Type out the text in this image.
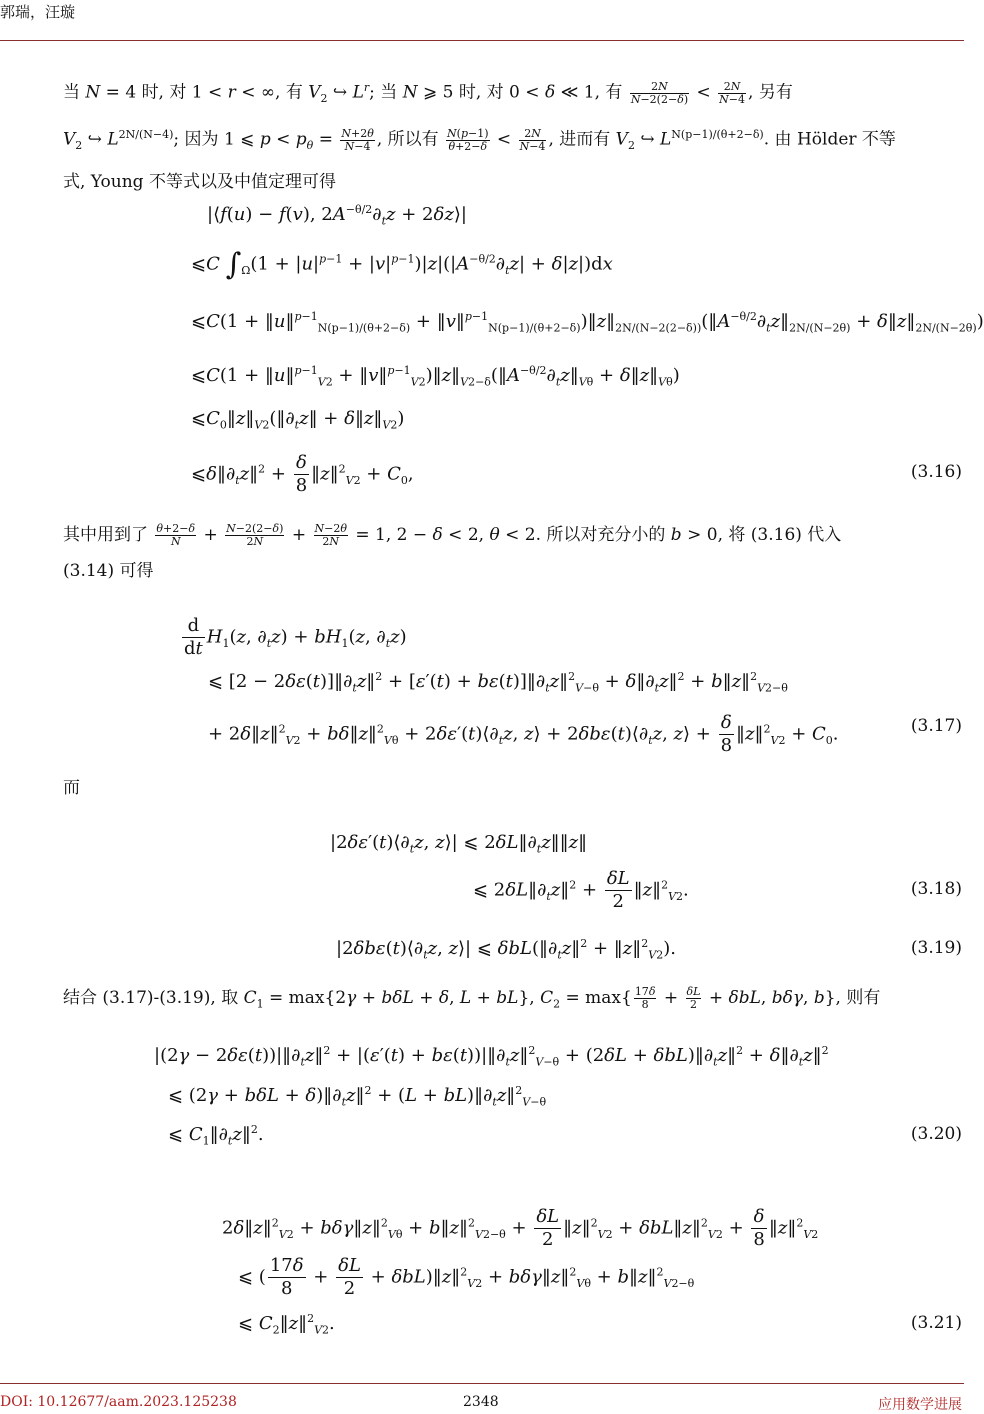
郭瑞，汪璇
当 N = 4 时, 对 1 < r < ∞, 有 $V_2$ ↪ $L^r$; 当 N ⩾ 5 时, 对 0 < δ ≪ 1, 有 $\frac{2N}{N-2(2-\delta)} < \frac{2N}{N-4}$ , 另有
$V_2$ ↪ $L^{2N/(N-4)}$; 因为 1 ⩽ $p < p_\theta = \frac{N+2\theta}{N-4}$ , 所以有 $\frac{N(p-1)}{\theta+2-\delta} < \frac{2N}{N-4}$ , 进而有 $V_2$ ↪ $L^{N(p-1)/(\theta+2-\delta)}$. 由 Hölder 不等
式, Young 不等式以及中值定理可得
|⟨f(u) − f(v), $2A^{-\theta/2}\partial_tz$ + 2δz⟩|
⩽C $\int_\Omega(1 + |u|^{p-1} + |v|^{p-1})|z|(|A^{-\theta/2}\partial_tz| + \delta|z|)dx$
⩽C(1 + ‖u‖$^{p-1}_{N(p-1)/(\theta+2-\delta)}$ + $‖v‖^{p-1}_{N(p-1)/(\theta+2-\delta)})‖z‖_{2N/(N-2(2-\delta))}(‖A^{-\theta/2}\partial_tz‖_{2N/(N-2\theta)}$ + $\delta‖z‖_{2N/(N-2\theta)}$)
⩽C(1 + ‖u‖$^{p-1}_{V2}$ + $‖v‖^{p-1}_{V2})‖z‖_{V2-\delta}(‖A^{-\theta/2}\partial_tz‖_{V\theta}$ + $\delta‖z‖_{V\theta}$)
$⩽C_0‖z‖_{V2}(‖\partial_tz‖$ + $\delta‖z‖_{V2}$)
$⩽\delta‖\partial_tz‖^2 + \frac{\delta}{8}$ ‖z‖$^2_{V2}$ + $C_0$,	(3.16)
其中用到了 $\frac{\theta+2-\delta}{N} + \frac{N-2(2-\delta)}{2N} + \frac{N-2\theta}{2N} = 1$, 2 − δ < 2, θ < 2. 所以对充分小的 b > 0, 将 (3.16) 代入
(3.14) 可得
$\frac{d}{dt} H_1(z$, $\partial_tz) + bH_1(z$, $\partial_tz$)
⩽ $[2 - 2\delta\varepsilon(t)]‖\partial_tz‖^2 + [\varepsilon'(t)$ + $b\varepsilon(t)]‖\partial_tz‖^2_{V-\theta}$ + $\delta‖\partial_tz‖^2$ + b‖z‖$^2_{V2-\theta}$
+ 2δ‖z‖$^2_{V2}$ + bδ‖z‖$^2_{V\theta}$ + $2\delta\varepsilon'(t)⟨\partial_tz$, z⟩ + $2\delta b\varepsilon(t)⟨\partial_tz$, z⟩ + $\frac{\delta}{8}$ ‖z‖$^2_{V2}$ + $C_0$.	(3.17)
而
$|2\delta\varepsilon'(t)⟨\partial_tz$, z⟩| ⩽ $2\delta L‖\partial_tz‖‖z‖$
⩽ $2\delta L‖\partial_tz‖^2 + \frac{\delta L}{2}$ ‖z‖$^2_{V2}$.	(3.18)
$|2\delta b\varepsilon(t)⟨\partial_tz$, z⟩| ⩽ $\delta bL(‖\partial_tz‖^2$ + ‖z‖$^2_{V2}$).	(3.19)
结合 (3.17)-(3.19), 取 $C_1 = \max\{2\gamma + b\delta L + \delta$, L + bL}, $C_2 = \max\{ \frac{17\delta}{8} + \frac{\delta L}{2} + \delta bL$, bδγ, b}, 则有
$|(2\gamma - 2\delta\varepsilon(t))|‖\partial_tz‖^2 + |(\varepsilon'(t)$ + $b\varepsilon(t))|‖\partial_tz‖^2_{V-\theta} + (2\delta L$ + $\delta bL)‖\partial_tz‖^2$ + $\delta‖\partial_tz‖^2$
⩽ $(2\gamma + b\delta L + \delta)‖\partial_tz‖^2 + (L$ + $bL)‖\partial_tz‖^2_{V-\theta}$
⩽ $C_1‖\partial_tz‖^2$.	(3.20)
2δ‖z‖$^2_{V2}$ + bδγ‖z‖$^2_{V\theta}$ + b‖z‖$^2_{V2-\theta}$ + $\frac{\delta L}{2}$ ‖z‖$^2_{V2}$ + δbL‖z‖$^2_{V2}$ + $\frac{\delta}{8}$ ‖z‖$^2_{V2}$
⩽ ( $\frac{17\delta}{8} + \frac{\delta L}{2}$ + δbL)‖z‖$^2_{V2}$ + bδγ‖z‖$^2_{V\theta}$ + b‖z‖$^2_{V2-\theta}$
⩽ $C_2‖z‖^2_{V2}$.	(3.21)
DOI: 10.12677/aam.2023.125238	2348	应用数学进展
